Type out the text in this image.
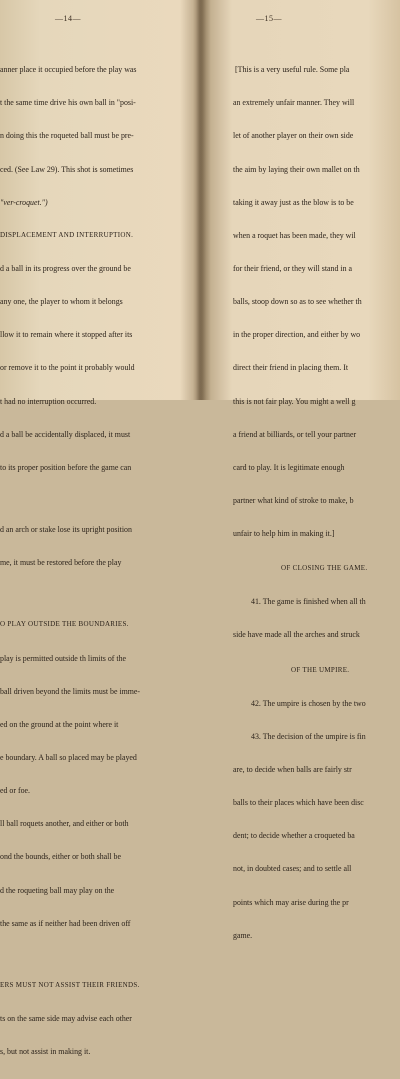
—14—

anner place it occupied before the play was

t the same time drive his own ball in "posi-

n doing this the roqueted ball must be pre-

ced. (See Law 29). This shot is sometimes

"ver-croquet.")

DISPLACEMENT AND INTERRUPTION.

d a ball in its progress over the ground be

any one, the player to whom it belongs

llow it to remain where it stopped after its

or remove it to the point it probably would

t had no interruption occurred.

d a ball be accidentally displaced, it must

to its proper position before the game can

d an arch or stake lose its upright position

me, it must be restored before the play

O PLAY OUTSIDE THE BOUNDARIES.

play is permitted outside th limits of the

ball driven beyond the limits must be imme-

ed on the ground at the point where it

e boundary. A ball so placed may be played

ed or foe.

ll ball roquets another, and either or both

ond the bounds, either or both shall be

d the roqueting ball may play on the

the same as if neither had been driven off

ERS MUST NOT ASSIST THEIR FRIENDS.

ts on the same side may advise each other

s, but not assist in making it.

—15—

[This is a very useful rule. Some pla

an extremely unfair manner. They will

let of another player on their own side

the aim by laying their own mallet on th

taking it away just as the blow is to be

when a roquet has been made, they wil

for their friend, or they will stand in a

balls, stoop down so as to see whether th

in the proper direction, and either by wo

direct their friend in placing them. It

this is not fair play. You might a well g

a friend at billiards, or tell your partner

card to play. It is legitimate enough

partner what kind of stroke to make, b

unfair to help him in making it.]

OF CLOSING THE GAME.

41. The game is finished when all th

side have made all the arches and struck

OF THE UMPIRE.

42. The umpire is chosen by the two

43. The decision of the umpire is fin

are, to decide when balls are fairly str

balls to their places which have been disc

dent; to decide whether a croqueted ba

not, in doubted cases; and to settle all

points which may arise during the pr

game.
